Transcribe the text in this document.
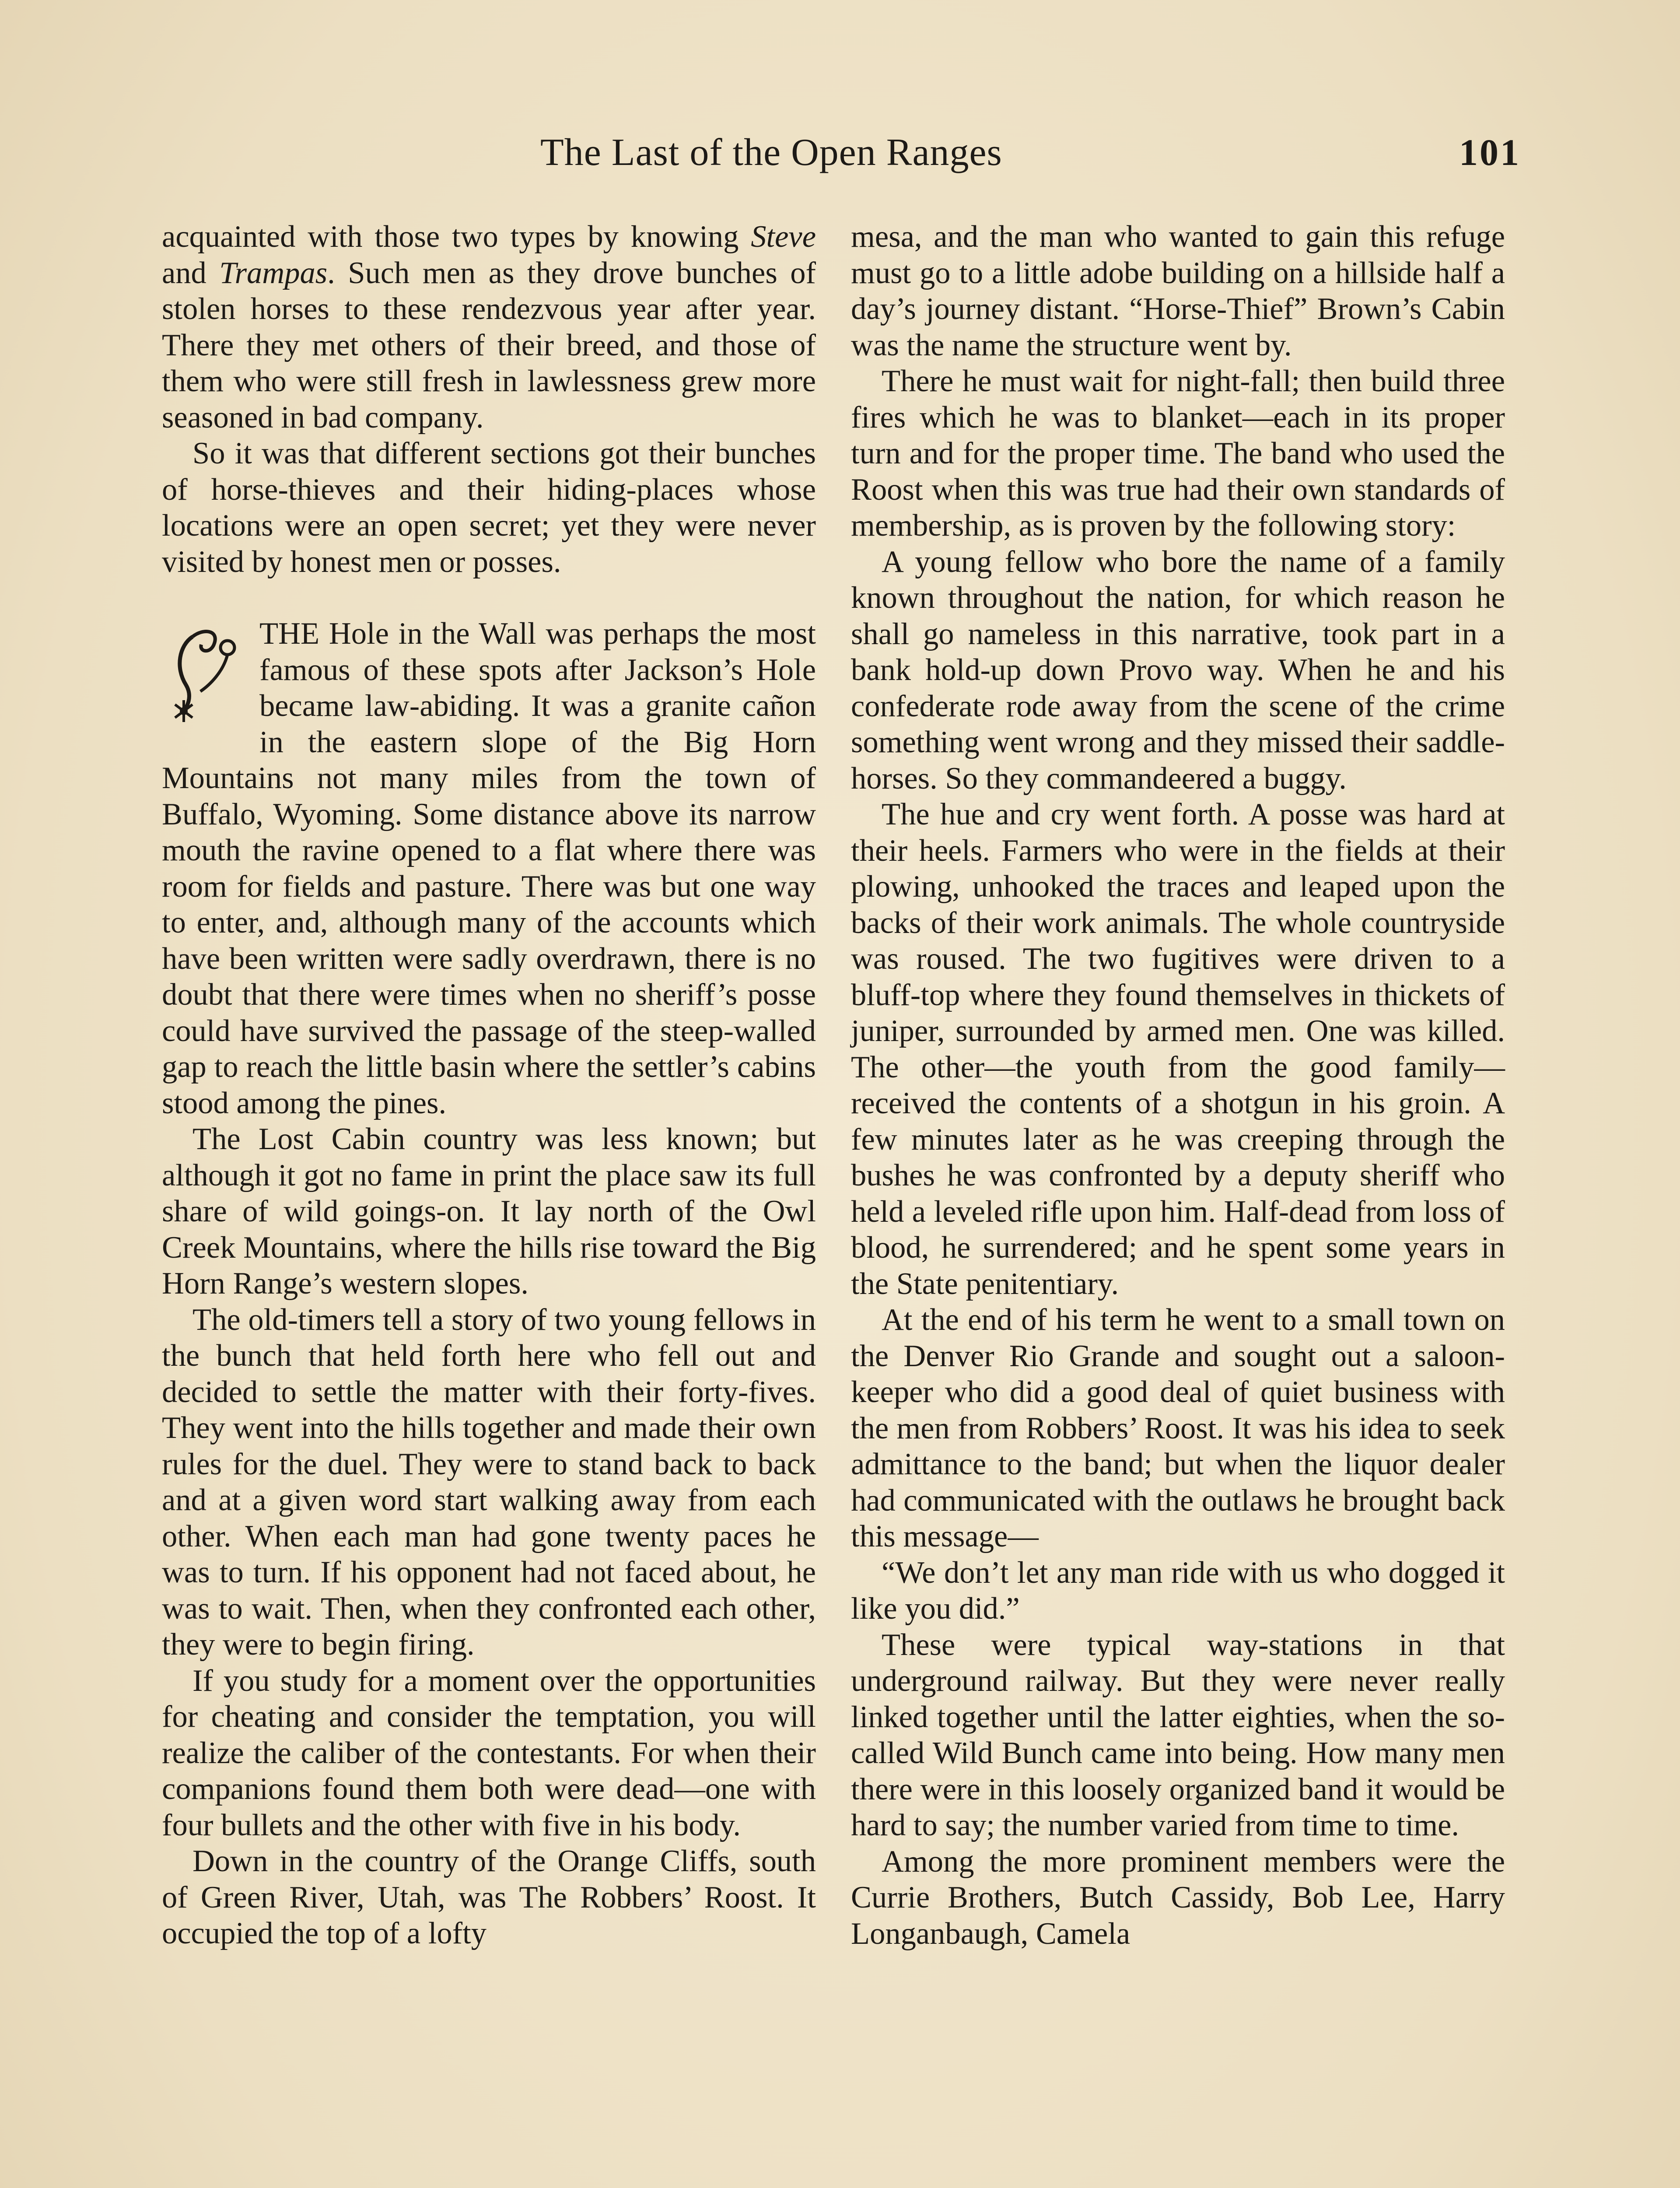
The Last of the Open Ranges	101

acquainted with those two types by knowing Steve and Trampas. Such men as they drove bunches of stolen horses to these rendezvous year after year. There they met others of their breed, and those of them who were still fresh in lawlessness grew more seasoned in bad company.

So it was that different sections got their bunches of horse-thieves and their hiding-places whose locations were an open secret; yet they were never visited by honest men or posses.

THE Hole in the Wall was perhaps the most famous of these spots after Jackson’s Hole became law-abiding. It was a granite cañon in the eastern slope of the Big Horn Mountains not many miles from the town of Buffalo, Wyoming. Some distance above its narrow mouth the ravine opened to a flat where there was room for fields and pasture. There was but one way to enter, and, although many of the accounts which have been written were sadly overdrawn, there is no doubt that there were times when no sheriff’s posse could have survived the passage of the steep-walled gap to reach the little basin where the settler’s cabins stood among the pines.

The Lost Cabin country was less known; but although it got no fame in print the place saw its full share of wild goings-on. It lay north of the Owl Creek Mountains, where the hills rise toward the Big Horn Range’s western slopes.

The old-timers tell a story of two young fellows in the bunch that held forth here who fell out and decided to settle the matter with their forty-fives. They went into the hills together and made their own rules for the duel. They were to stand back to back and at a given word start walking away from each other. When each man had gone twenty paces he was to turn. If his opponent had not faced about, he was to wait. Then, when they confronted each other, they were to begin firing.

If you study for a moment over the opportunities for cheating and consider the temptation, you will realize the caliber of the contestants. For when their companions found them both were dead—one with four bullets and the other with five in his body.

Down in the country of the Orange Cliffs, south of Green River, Utah, was The Robbers’ Roost. It occupied the top of a lofty

mesa, and the man who wanted to gain this refuge must go to a little adobe building on a hillside half a day’s journey distant. “Horse-Thief” Brown’s Cabin was the name the structure went by.

There he must wait for night-fall; then build three fires which he was to blanket—each in its proper turn and for the proper time. The band who used the Roost when this was true had their own standards of membership, as is proven by the following story:

A young fellow who bore the name of a family known throughout the nation, for which reason he shall go nameless in this narrative, took part in a bank hold-up down Provo way. When he and his confederate rode away from the scene of the crime something went wrong and they missed their saddle-horses. So they commandeered a buggy.

The hue and cry went forth. A posse was hard at their heels. Farmers who were in the fields at their plowing, unhooked the traces and leaped upon the backs of their work animals. The whole countryside was roused. The two fugitives were driven to a bluff-top where they found themselves in thickets of juniper, surrounded by armed men. One was killed. The other—the youth from the good family—received the contents of a shotgun in his groin. A few minutes later as he was creeping through the bushes he was confronted by a deputy sheriff who held a leveled rifle upon him. Half-dead from loss of blood, he surrendered; and he spent some years in the State penitentiary.

At the end of his term he went to a small town on the Denver Rio Grande and sought out a saloon-keeper who did a good deal of quiet business with the men from Robbers’ Roost. It was his idea to seek admittance to the band; but when the liquor dealer had communicated with the outlaws he brought back this message—

“We don’t let any man ride with us who dogged it like you did.”

These were typical way-stations in that underground railway. But they were never really linked together until the latter eighties, when the so-called Wild Bunch came into being. How many men there were in this loosely organized band it would be hard to say; the number varied from time to time.

Among the more prominent members were the Currie Brothers, Butch Cassidy, Bob Lee, Harry Longanbaugh, Camela
